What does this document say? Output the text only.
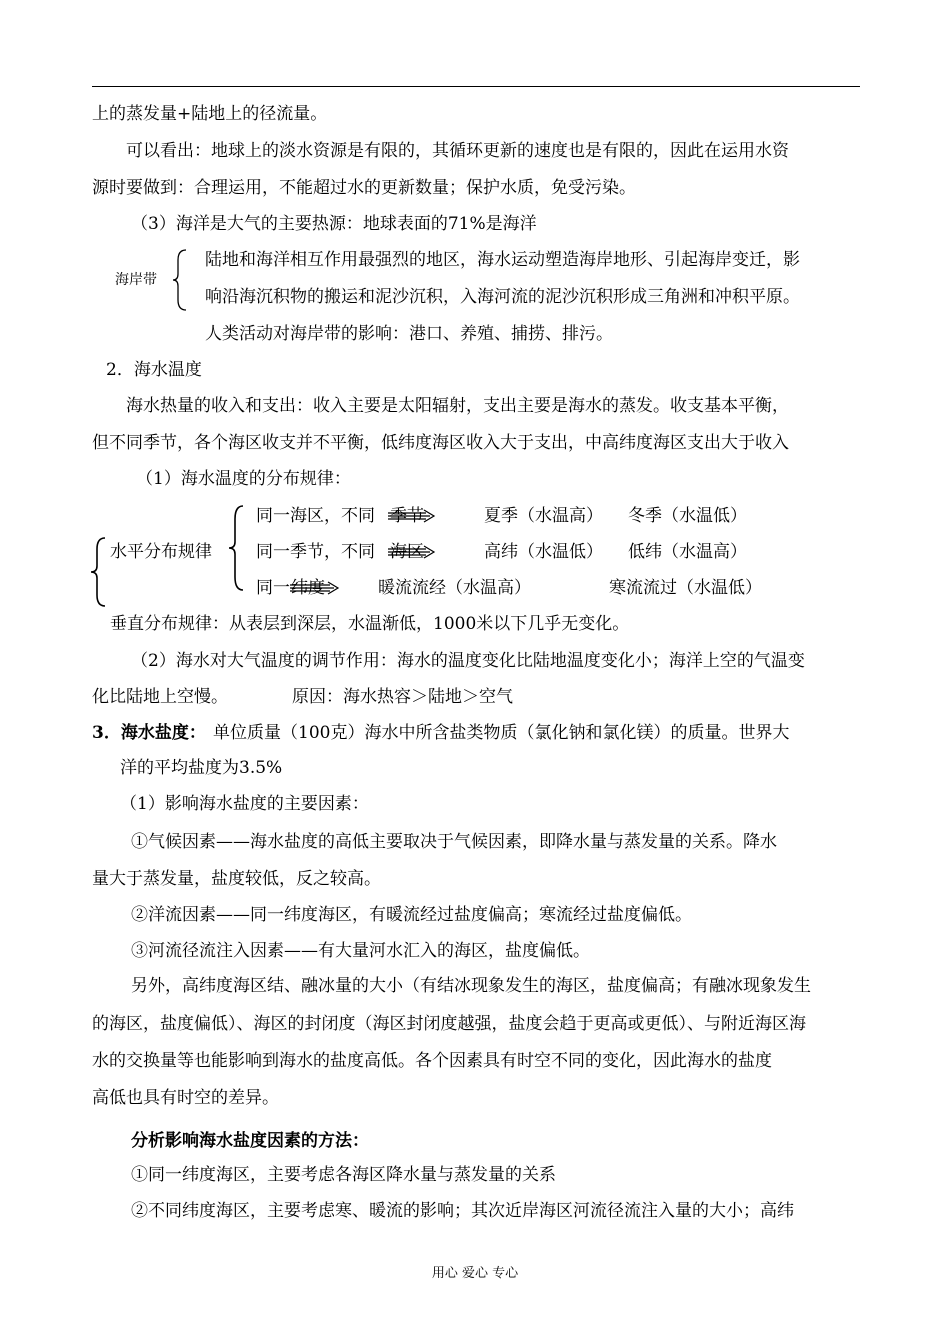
上的蒸发量+陆地上的径流量。
可以看出：地球上的淡水资源是有限的，其循环更新的速度也是有限的，因此在运用水资
源时要做到：合理运用，不能超过水的更新数量；保护水质，免受污染。
（3）海洋是大气的主要热源：地球表面的71%是海洋
海岸带
陆地和海洋相互作用最强烈的地区，海水运动塑造海岸地形、引起海岸变迁，影
响沿海沉积物的搬运和泥沙沉积，入海河流的泥沙沉积形成三角洲和冲积平原。
人类活动对海岸带的影响：港口、养殖、捕捞、排污。
2．海水温度
海水热量的收入和支出：收入主要是太阳辐射，支出主要是海水的蒸发。收支基本平衡，
但不同季节，各个海区收支并不平衡，低纬度海区收入大于支出，中高纬度海区支出大于收入
（1）海水温度的分布规律：
水平分布规律
同一海区，不同 季节	夏季（水温高） 冬季（水温低）
同一季节，不同 海区	高纬（水温低） 低纬（水温高）
同一 纬度	暖流流经（水温高）	寒流流过（水温低）
垂直分布规律：从表层到深层，水温渐低，1000米以下几乎无变化。
（2）海水对大气温度的调节作用：海水的温度变化比陆地温度变化小；海洋上空的气温变
化比陆地上空慢。	原因：海水热容＞陆地＞空气
3．海水盐度： 单位质量（100克）海水中所含盐类物质（氯化钠和氯化镁）的质量。世界大
洋的平均盐度为3.5%
（1）影响海水盐度的主要因素：
①气候因素——海水盐度的高低主要取决于气候因素，即降水量与蒸发量的关系。降水
量大于蒸发量，盐度较低，反之较高。
②洋流因素——同一纬度海区，有暖流经过盐度偏高；寒流经过盐度偏低。
③河流径流注入因素——有大量河水汇入的海区，盐度偏低。
另外，高纬度海区结、融冰量的大小（有结冰现象发生的海区，盐度偏高；有融冰现象发生
的海区，盐度偏低）、海区的封闭度（海区封闭度越强，盐度会趋于更高或更低）、与附近海区海
水的交换量等也能影响到海水的盐度高低。各个因素具有时空不同的变化，因此海水的盐度
高低也具有时空的差异。
分析影响海水盐度因素的方法：
①同一纬度海区，主要考虑各海区降水量与蒸发量的关系
②不同纬度海区，主要考虑寒、暖流的影响；其次近岸海区河流径流注入量的大小；高纬
用心 爱心 专心
